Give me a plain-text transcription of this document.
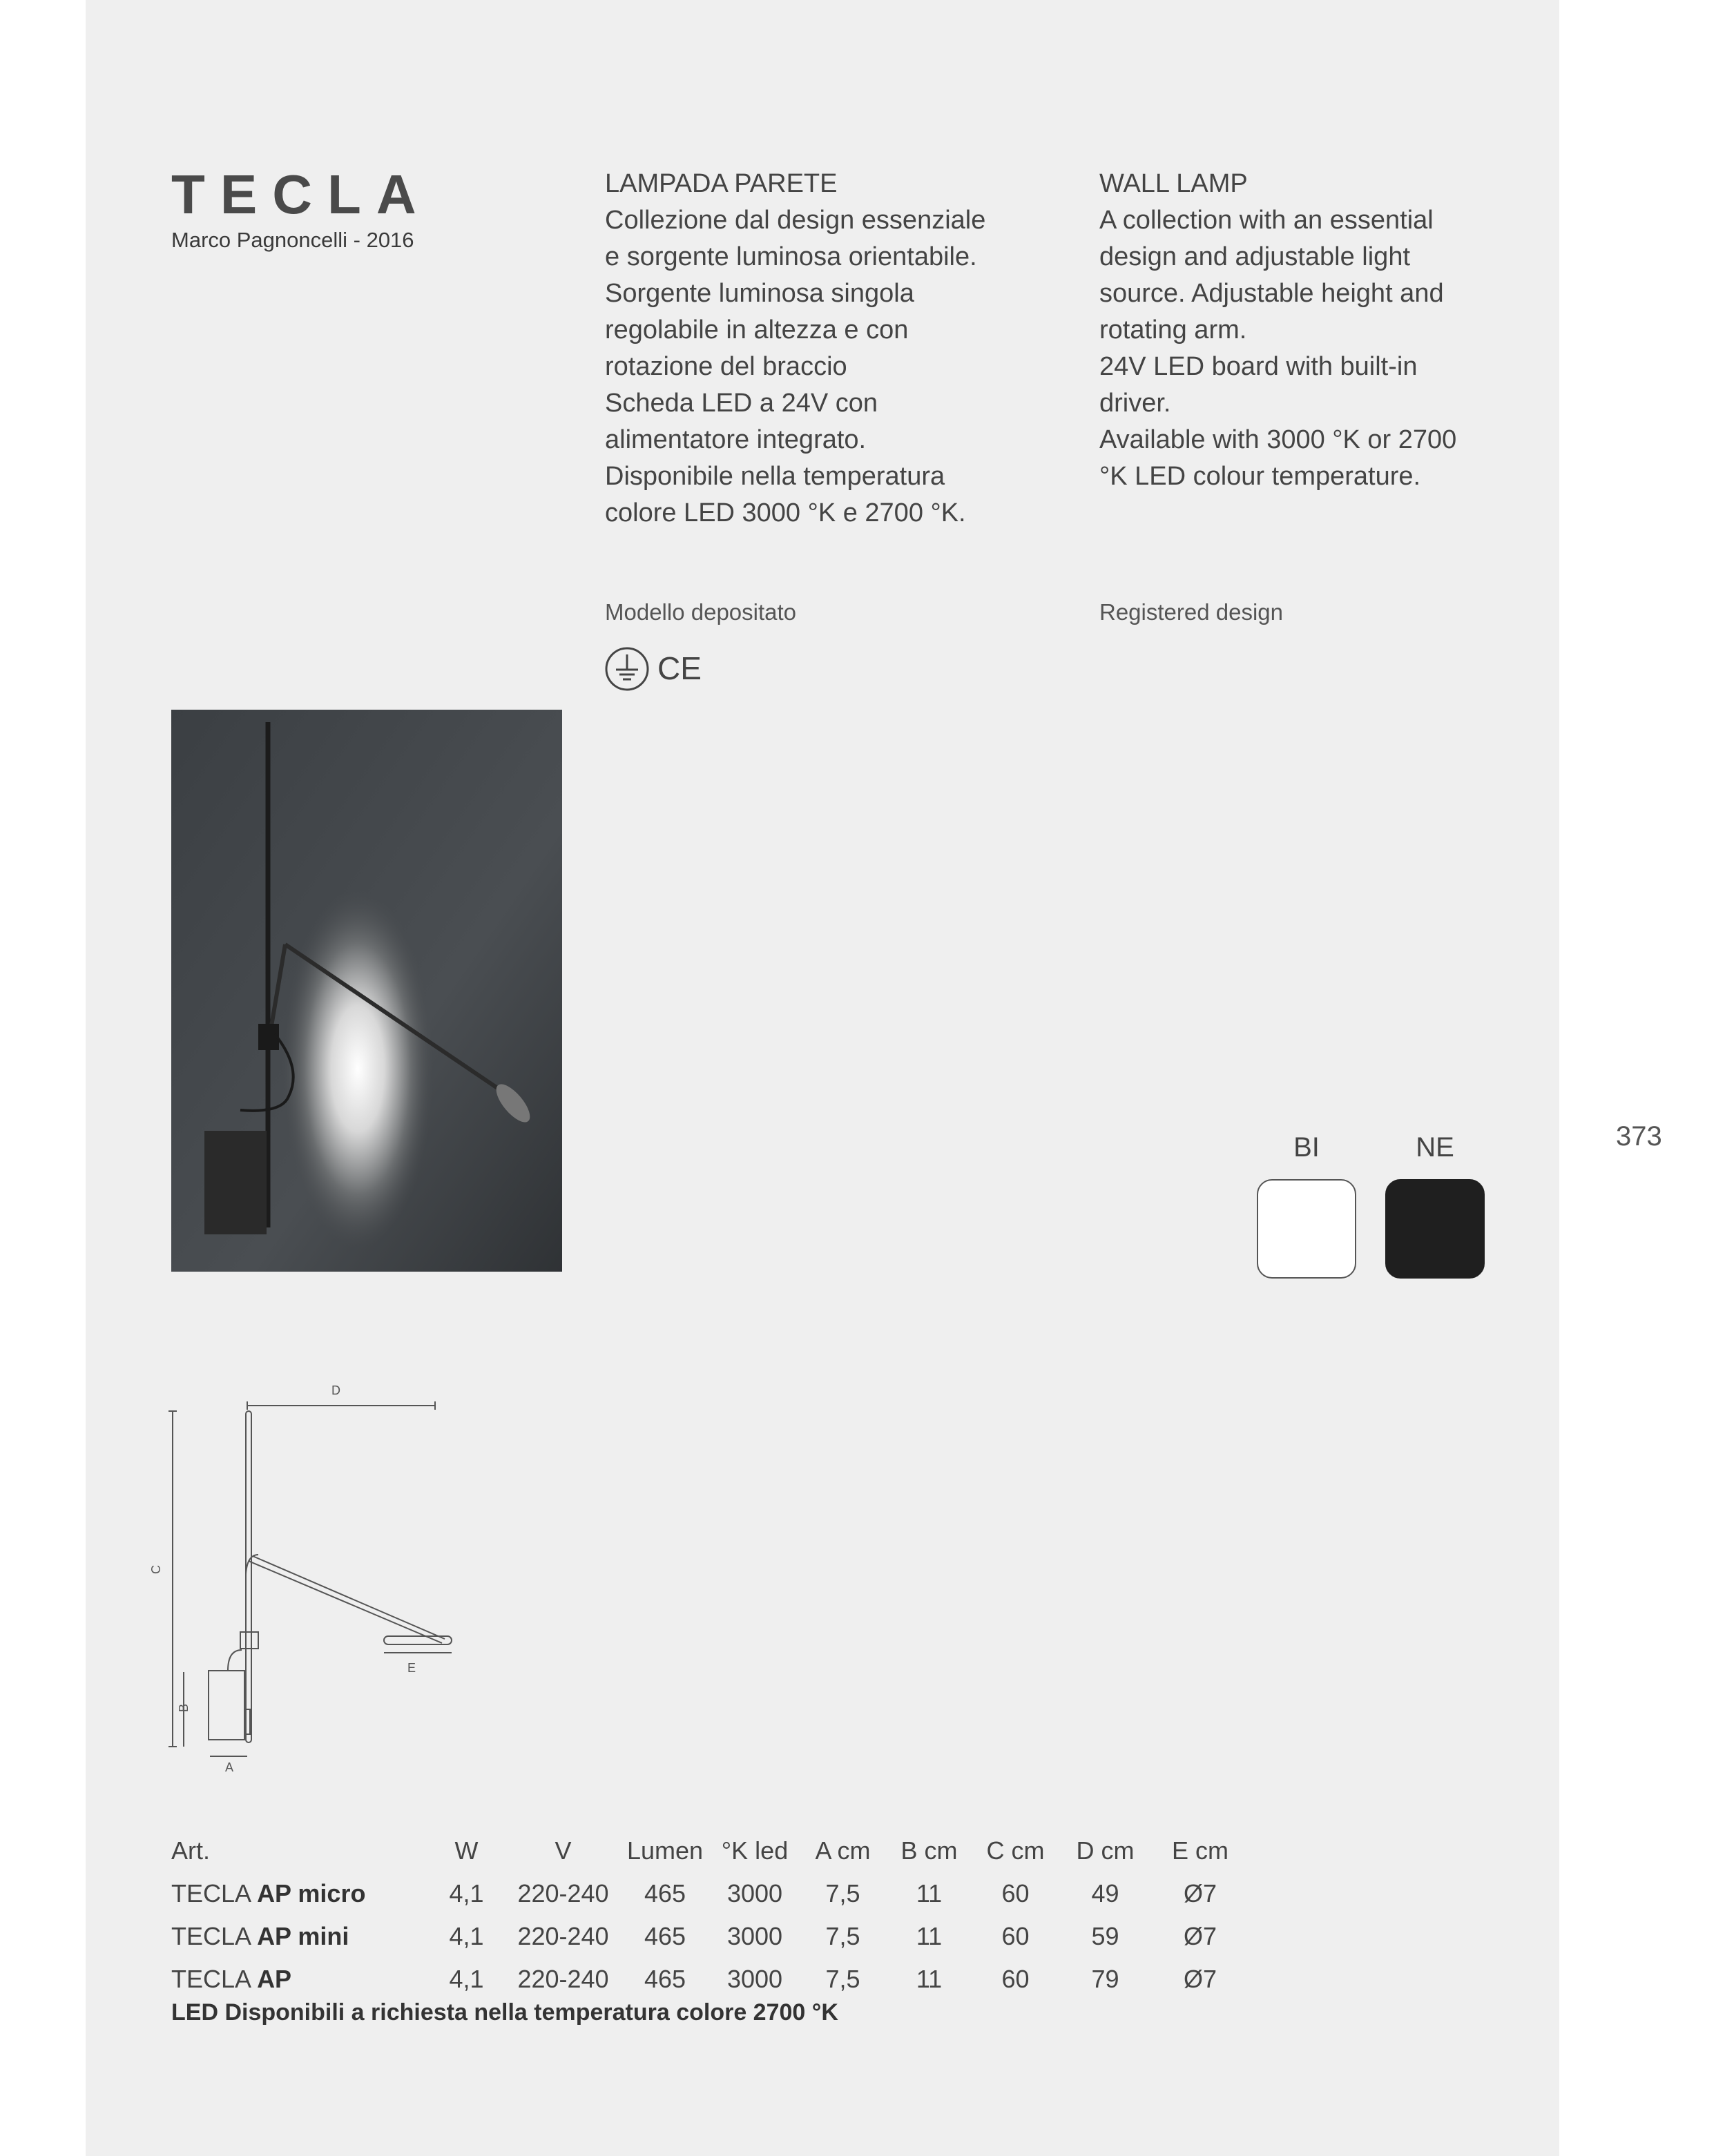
TECLA
Marco Pagnoncelli - 2016
LAMPADA PARETE
Collezione dal design essenziale
e sorgente luminosa orientabile.
Sorgente luminosa singola
regolabile in altezza e con
rotazione del braccio
Scheda LED a 24V con
alimentatore integrato.
Disponibile nella temperatura
colore LED 3000 °K e 2700 °K.
WALL LAMP
A collection with an essential
design and adjustable light
source. Adjustable height and
rotating arm.
24V LED board with built-in
driver.
Available with 3000 °K or 2700
°K LED colour temperature.
Modello depositato	Registered design
CE
BI	NE	373
D
C
B
A
E
Art.	W	V	Lumen	°K led	A cm	B cm	C cm	D cm	E cm
TECLA AP micro	4,1	220-240	465	3000	7,5	11	60	49	Ø7
TECLA AP mini	4,1	220-240	465	3000	7,5	11	60	59	Ø7
TECLA AP	4,1	220-240	465	3000	7,5	11	60	79	Ø7
LED Disponibili a richiesta nella temperatura colore 2700 °K
